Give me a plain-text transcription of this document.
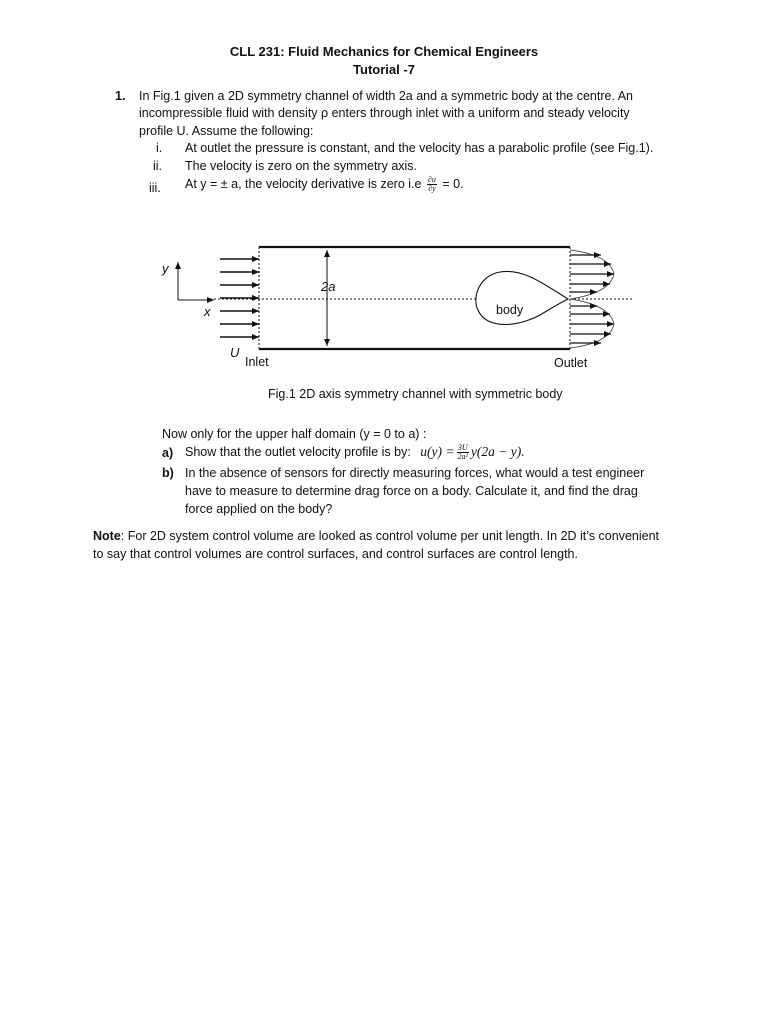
CLL 231: Fluid Mechanics for Chemical Engineers
Tutorial -7
1. In Fig.1 given a 2D symmetry channel of width 2a and a symmetric body at the centre. An
incompressible fluid with density ρ enters through inlet with a uniform and steady velocity
profile U. Assume the following:
i. At outlet the pressure is constant, and the velocity has a parabolic profile (see Fig.1).
ii. The velocity is zero on the symmetry axis.
iii. At y = ± a, the velocity derivative is zero $i.e \frac{\partial u}{\partial y} = 0$.
y
x
U
Inlet	Outlet
2a
body
Fig.1 2D axis symmetry channel with symmetric body
Now only for the upper half domain (y = 0 to a) :
a) Show that the outlet velocity profile is by: $u(y) = \frac{3U}{\text{2a²}} y(2a - y)$.
b) In the absence of sensors for directly measuring forces, what would a test engineer
have to measure to determine drag force on a body. Calculate it, and find the drag
force applied on the body?
Note: For 2D system control volume are looked as control volume per unit length. In 2D it’s convenient
to say that control volumes are control surfaces, and control surfaces are control length.
